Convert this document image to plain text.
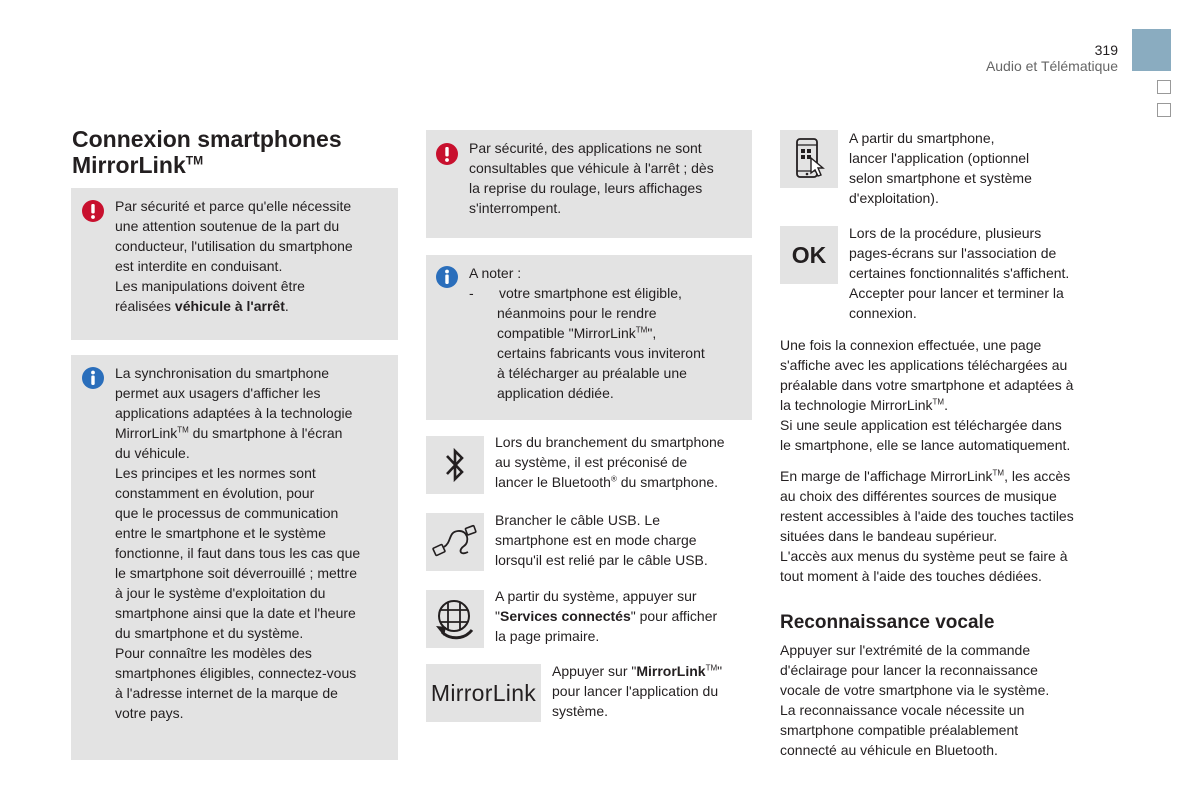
319
Audio et Télématique
Connexion smartphones
MirrorLink™
Par sécurité et parce qu'elle nécessite
une attention soutenue de la part du
conducteur, l'utilisation du smartphone
est interdite en conduisant.
Les manipulations doivent être
réalisées véhicule à l'arrêt.
La synchronisation du smartphone
permet aux usagers d'afficher les
applications adaptées à la technologie
MirrorLink™ du smartphone à l'écran
du véhicule.
Les principes et les normes sont
constamment en évolution, pour
que le processus de communication
entre le smartphone et le système
fonctionne, il faut dans tous les cas que
le smartphone soit déverrouillé ; mettre
à jour le système d'exploitation du
smartphone ainsi que la date et l'heure
du smartphone et du système.
Pour connaître les modèles des
smartphones éligibles, connectez-vous
à l'adresse internet de la marque de
votre pays.
Par sécurité, des applications ne sont
consultables que véhicule à l'arrêt ; dès
la reprise du roulage, leurs affichages
s'interrompent.
A noter :
- votre smartphone est éligible,
néanmoins pour le rendre
compatible "MirrorLink™",
certains fabricants vous inviteront
à télécharger au préalable une
application dédiée.
Lors du branchement du smartphone
au système, il est préconisé de
lancer le Bluetooth® du smartphone.
Brancher le câble USB. Le
smartphone est en mode charge
lorsqu'il est relié par le câble USB.
A partir du système, appuyer sur
"Services connectés" pour afficher
la page primaire.
MirrorLink
Appuyer sur "MirrorLink™"
pour lancer l'application du
système.
A partir du smartphone,
lancer l'application (optionnel
selon smartphone et système
d'exploitation).
OK
Lors de la procédure, plusieurs
pages-écrans sur l'association de
certaines fonctionnalités s'affichent.
Accepter pour lancer et terminer la
connexion.
Une fois la connexion effectuée, une page
s'affiche avec les applications téléchargées au
préalable dans votre smartphone et adaptées à
la technologie MirrorLink™.
Si une seule application est téléchargée dans
le smartphone, elle se lance automatiquement.
En marge de l'affichage MirrorLink™, les accès
au choix des différentes sources de musique
restent accessibles à l'aide des touches tactiles
situées dans le bandeau supérieur.
L'accès aux menus du système peut se faire à
tout moment à l'aide des touches dédiées.
Reconnaissance vocale
Appuyer sur l'extrémité de la commande
d'éclairage pour lancer la reconnaissance
vocale de votre smartphone via le système.
La reconnaissance vocale nécessite un
smartphone compatible préalablement
connecté au véhicule en Bluetooth.
